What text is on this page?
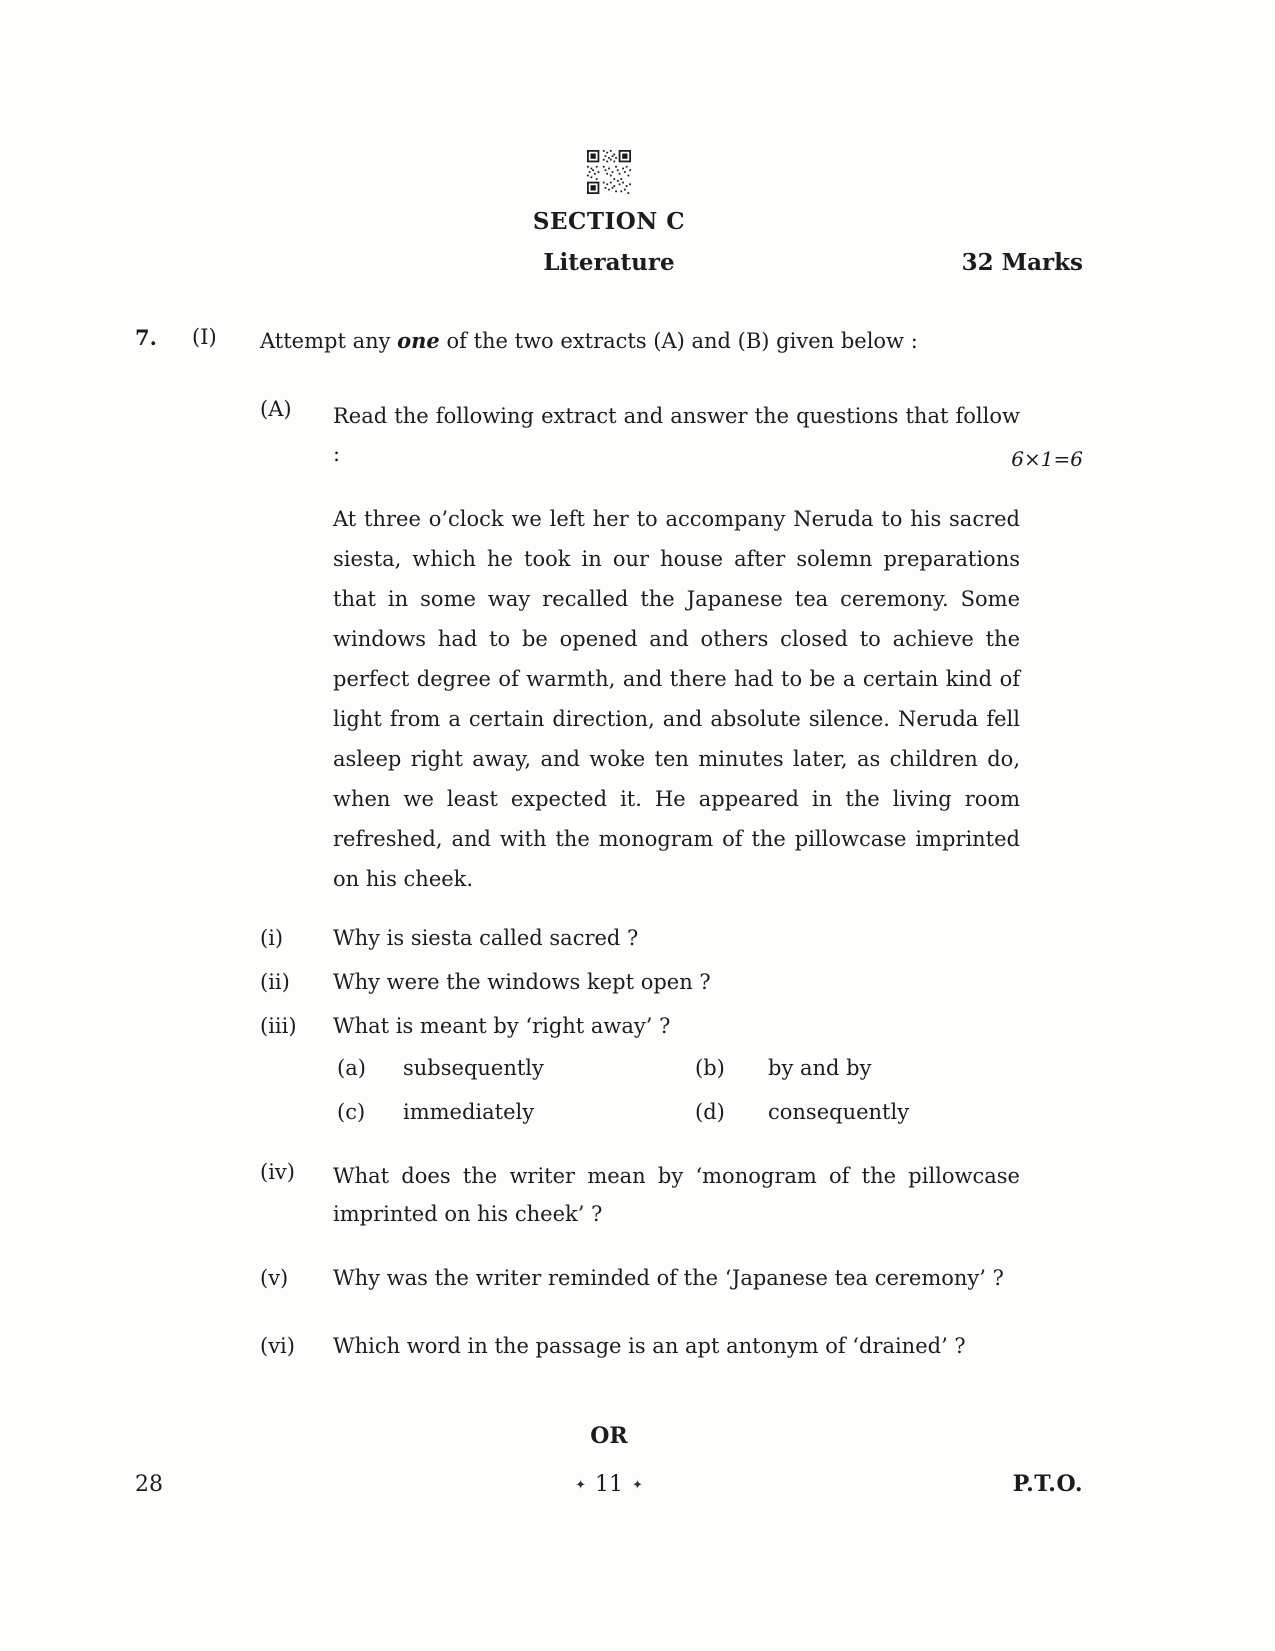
SECTION C
Literature	32 Marks
7.	(I)	Attempt any one of the two extracts (A) and (B) given below :
(A)	Read the following extract and answer the questions that follow :	6×1=6

At three o’clock we left her to accompany Neruda to his sacred siesta, which he took in our house after solemn preparations that in some way recalled the Japanese tea ceremony. Some windows had to be opened and others closed to achieve the perfect degree of warmth, and there had to be a certain kind of light from a certain direction, and absolute silence. Neruda fell asleep right away, and woke ten minutes later, as children do, when we least expected it. He appeared in the living room refreshed, and with the monogram of the pillowcase imprinted on his cheek.

(i)	Why is siesta called sacred ?
(ii)	Why were the windows kept open ?
(iii)	What is meant by ‘right away’ ?
(a)	subsequently	(b)	by and by
(c)	immediately	(d)	consequently
(iv)	What does the writer mean by ‘monogram of the pillowcase imprinted on his cheek’ ?
(v)	Why was the writer reminded of the ‘Japanese tea ceremony’ ?
(vi)	Which word in the passage is an apt antonym of ‘drained’ ?
OR
28	✦ 11 ✦	P.T.O.
